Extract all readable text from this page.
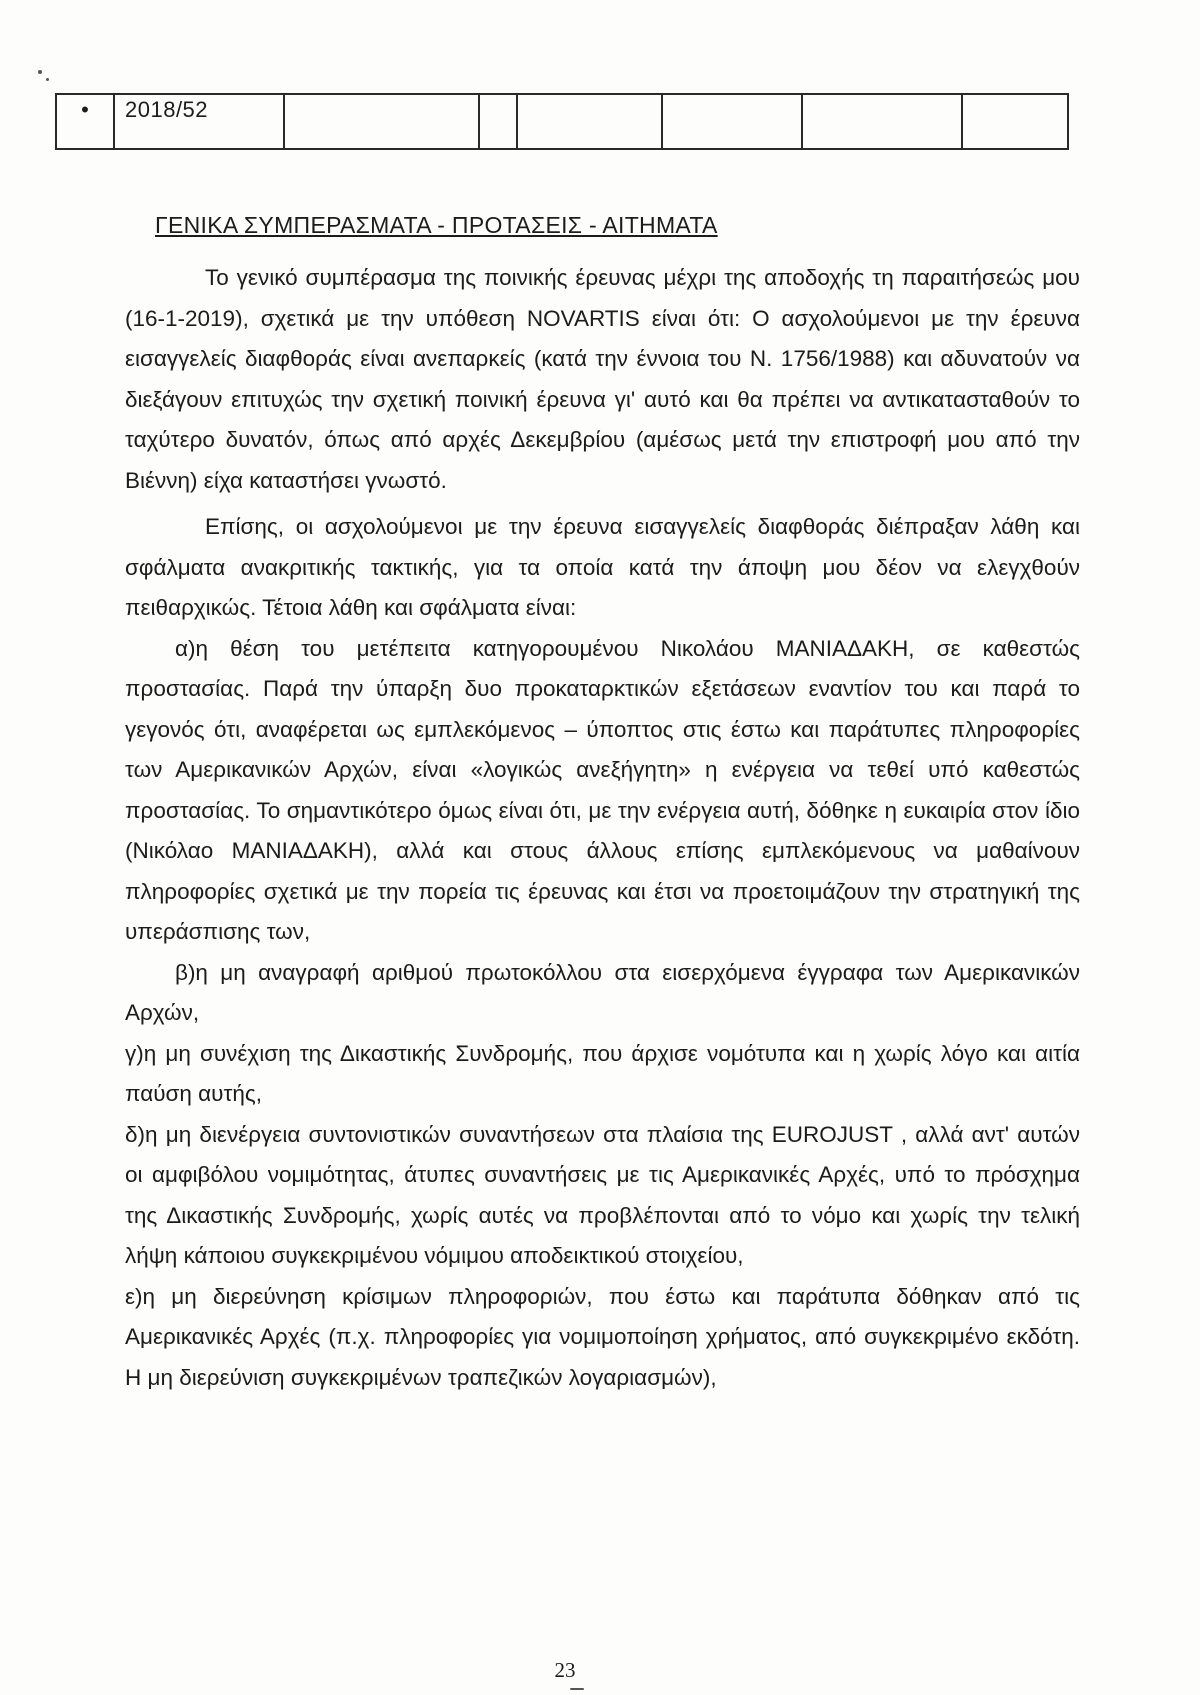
•	2018/52						
ΓΕΝΙΚΑ ΣΥΜΠΕΡΑΣΜΑΤΑ - ΠΡΟΤΑΣΕΙΣ - ΑΙΤΗΜΑΤΑ

Το γενικό συμπέρασμα της ποινικής έρευνας μέχρι της αποδοχής τη παραιτήσεώς μου (16-1-2019), σχετικά με την υπόθεση NOVARTIS είναι ότι: Ο ασχολούμενοι με την έρευνα εισαγγελείς διαφθοράς είναι ανεπαρκείς (κατά την έννοια του Ν. 1756/1988) και αδυνατούν να διεξάγουν επιτυχώς την σχετική ποινική έρευνα γι' αυτό και θα πρέπει να αντικατασταθούν το ταχύτερο δυνατόν, όπως από αρχές Δεκεμβρίου (αμέσως μετά την επιστροφή μου από την Βιέννη) είχα καταστήσει γνωστό.

Επίσης, οι ασχολούμενοι με την έρευνα εισαγγελείς διαφθοράς διέπραξαν λάθη και σφάλματα ανακριτικής τακτικής, για τα οποία κατά την άποψη μου δέον να ελεγχθούν πειθαρχικώς. Τέτοια λάθη και σφάλματα είναι:

α)η θέση του μετέπειτα κατηγορουμένου Νικολάου ΜΑΝΙΑΔΑΚΗ, σε καθεστώς προστασίας. Παρά την ύπαρξη δυο προκαταρκτικών εξετάσεων εναντίον του και παρά το γεγονός ότι, αναφέρεται ως εμπλεκόμενος – ύποπτος στις έστω και παράτυπες πληροφορίες των Αμερικανικών Αρχών, είναι «λογικώς ανεξήγητη» η ενέργεια να τεθεί υπό καθεστώς προστασίας. Το σημαντικότερο όμως είναι ότι, με την ενέργεια αυτή, δόθηκε η ευκαιρία στον ίδιο (Νικόλαο ΜΑΝΙΑΔΑΚΗ), αλλά και στους άλλους επίσης εμπλεκόμενους να μαθαίνουν πληροφορίες σχετικά με την πορεία τις έρευνας και έτσι να προετοιμάζουν την στρατηγική της υπεράσπισης των,

β)η μη αναγραφή αριθμού πρωτοκόλλου στα εισερχόμενα έγγραφα των Αμερικανικών Αρχών,

γ)η μη συνέχιση της Δικαστικής Συνδρομής, που άρχισε νομότυπα και η χωρίς λόγο και αιτία παύση αυτής,

δ)η μη διενέργεια συντονιστικών συναντήσεων στα πλαίσια της EUROJUST , αλλά αντ' αυτών οι αμφιβόλου νομιμότητας, άτυπες συναντήσεις με τις Αμερικανικές Αρχές, υπό το πρόσχημα της Δικαστικής Συνδρομής, χωρίς αυτές να προβλέπονται από το νόμο και χωρίς την τελική λήψη κάποιου συγκεκριμένου νόμιμου αποδεικτικού στοιχείου,

ε)η μη διερεύνηση κρίσιμων πληροφοριών, που έστω και παράτυπα δόθηκαν από τις Αμερικανικές Αρχές (π.χ. πληροφορίες για νομιμοποίηση χρήματος, από συγκεκριμένο εκδότη. Η μη διερεύνιση συγκεκριμένων τραπεζικών λογαριασμών),

23
